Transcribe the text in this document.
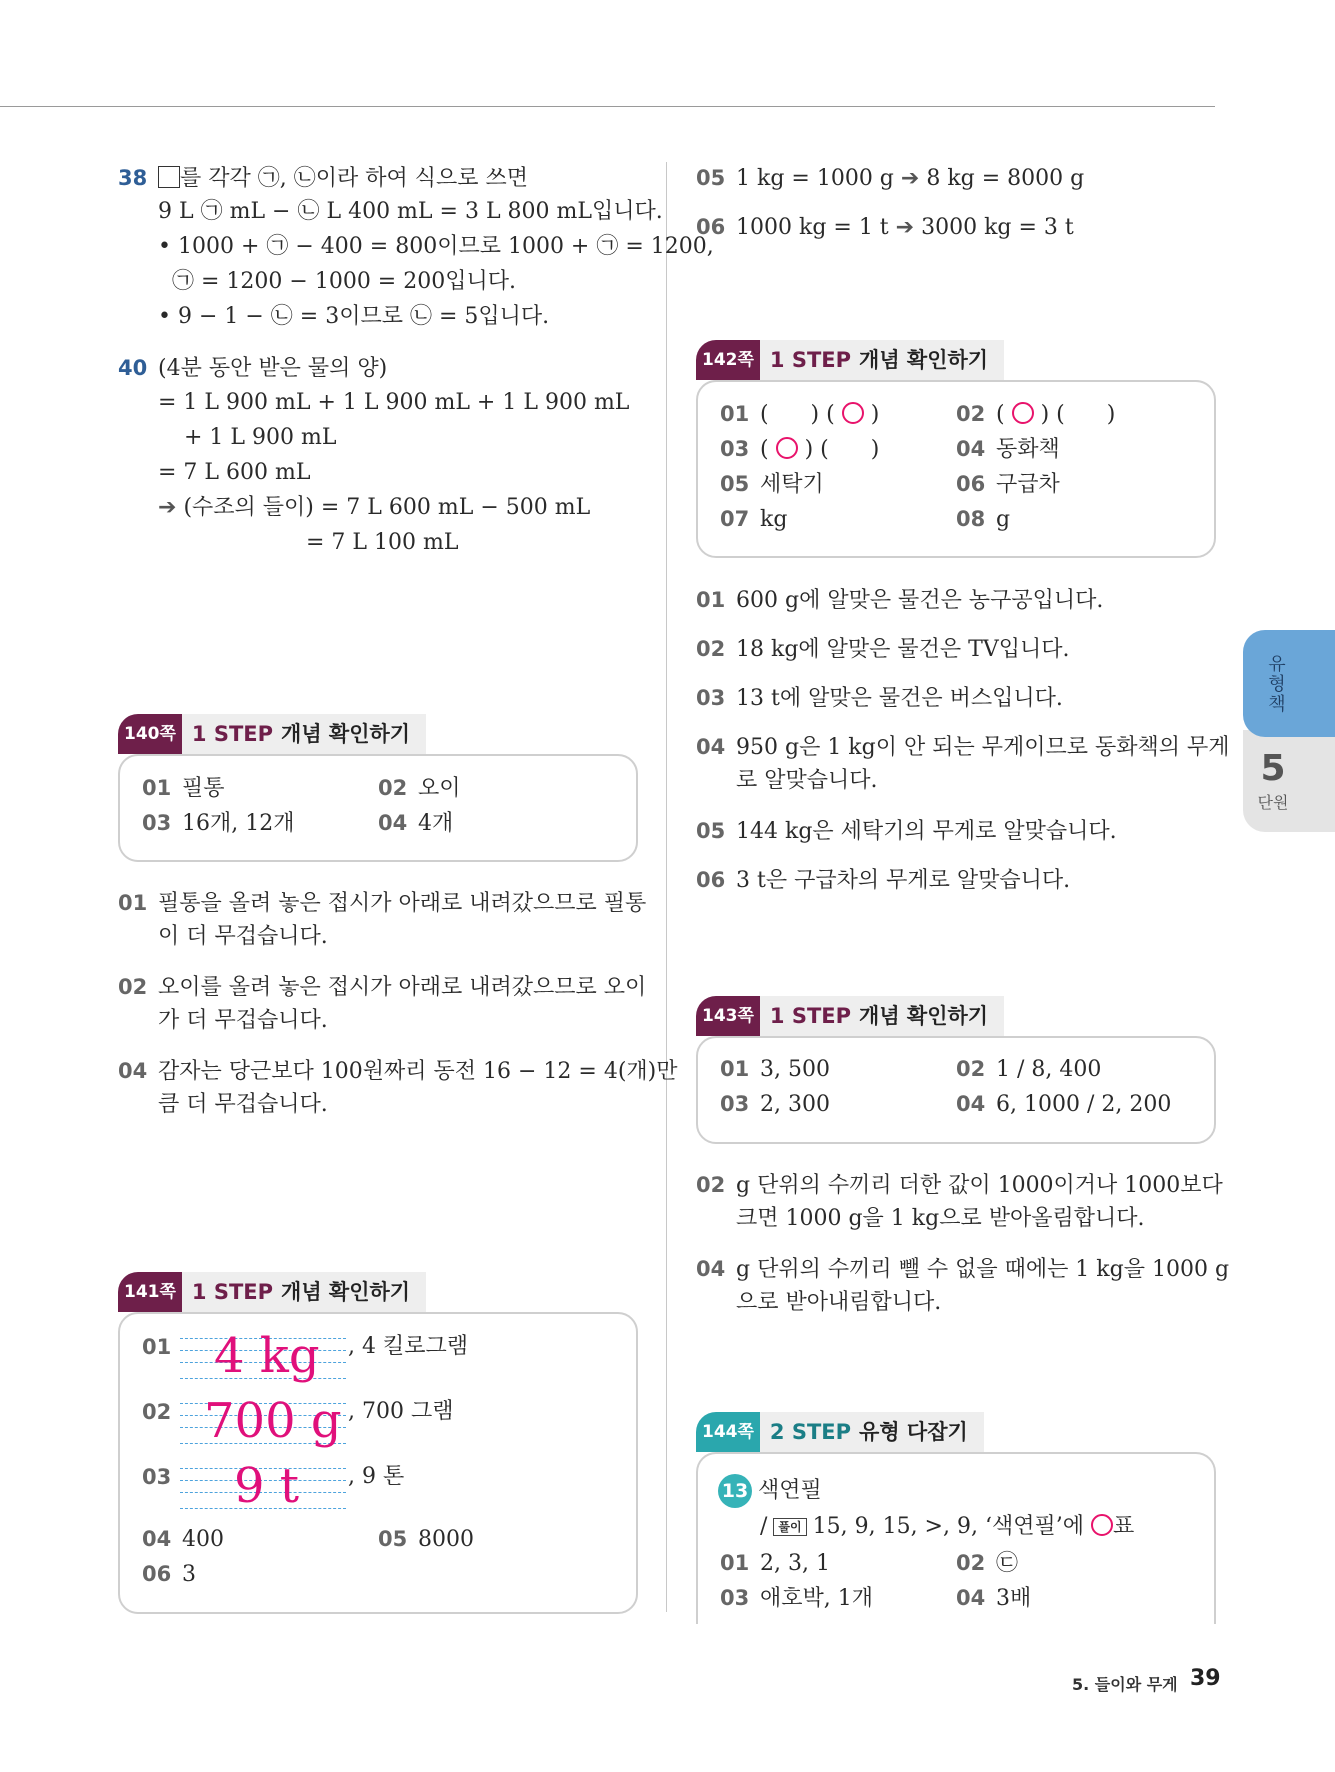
38 를 각각 ㉠, ㉡이라 하여 식으로 쓰면
9 L ㉠ mL − ㉡ L 400 mL = 3 L 800 mL입니다.
• 1000 + ㉠ − 400 = 800이므로 1000 + ㉠ = 1200,
㉠ = 1200 − 1000 = 200입니다.
• 9 − 1 − ㉡ = 3이므로 ㉡ = 5입니다.
40 (4분 동안 받은 물의 양)
= 1 L 900 mL + 1 L 900 mL + 1 L 900 mL
+ 1 L 900 mL
= 7 L 600 mL
➔ (수조의 들이) = 7 L 600 mL − 500 mL
= 7 L 100 mL
140쪽 1 STEP 개념 확인하기
01 필통	02 오이
03 16개, 12개	04 4개
01 필통을 올려 놓은 접시가 아래로 내려갔으므로 필통
이 더 무겁습니다.
02 오이를 올려 놓은 접시가 아래로 내려갔으므로 오이
가 더 무겁습니다.
04 감자는 당근보다 100원짜리 동전 16 − 12 = 4(개)만
큼 더 무겁습니다.
141쪽 1 STEP 개념 확인하기
01 4 kg , 4 킬로그램
02 700 g , 700 그램
03 9 t , 9 톤
04 400	05 8000
06 3
05 1 kg = 1000 g ➔ 8 kg = 8000 g
06 1000 kg = 1 t ➔ 3000 kg = 3 t
142쪽 1 STEP 개념 확인하기
01 (      ) ( ○ )	02 ( ○ ) (      )
03 ( ○ ) (      )	04 동화책
05 세탁기	06 구급차
07 kg	08 g
01 600 g에 알맞은 물건은 농구공입니다.
02 18 kg에 알맞은 물건은 TV입니다.
03 13 t에 알맞은 물건은 버스입니다.
04 950 g은 1 kg이 안 되는 무게이므로 동화책의 무게
로 알맞습니다.
05 144 kg은 세탁기의 무게로 알맞습니다.
06 3 t은 구급차의 무게로 알맞습니다.
143쪽 1 STEP 개념 확인하기
01 3, 500	02 1 / 8, 400
03 2, 300	04 6, 1000 / 2, 200
02 g 단위의 수끼리 더한 값이 1000이거나 1000보다
크면 1000 g을 1 kg으로 받아올림합니다.
04 g 단위의 수끼리 뺄 수 없을 때에는 1 kg을 1000 g
으로 받아내림합니다.
144쪽 2 STEP 유형 다잡기
13 색연필
/ 풀이 15, 9, 15, >, 9, ‘색연필’에 ○표
01 2, 3, 1	02 ㉢
03 애호박, 1개	04 3배
유형책
5
단원
5. 들이와 무게 39
